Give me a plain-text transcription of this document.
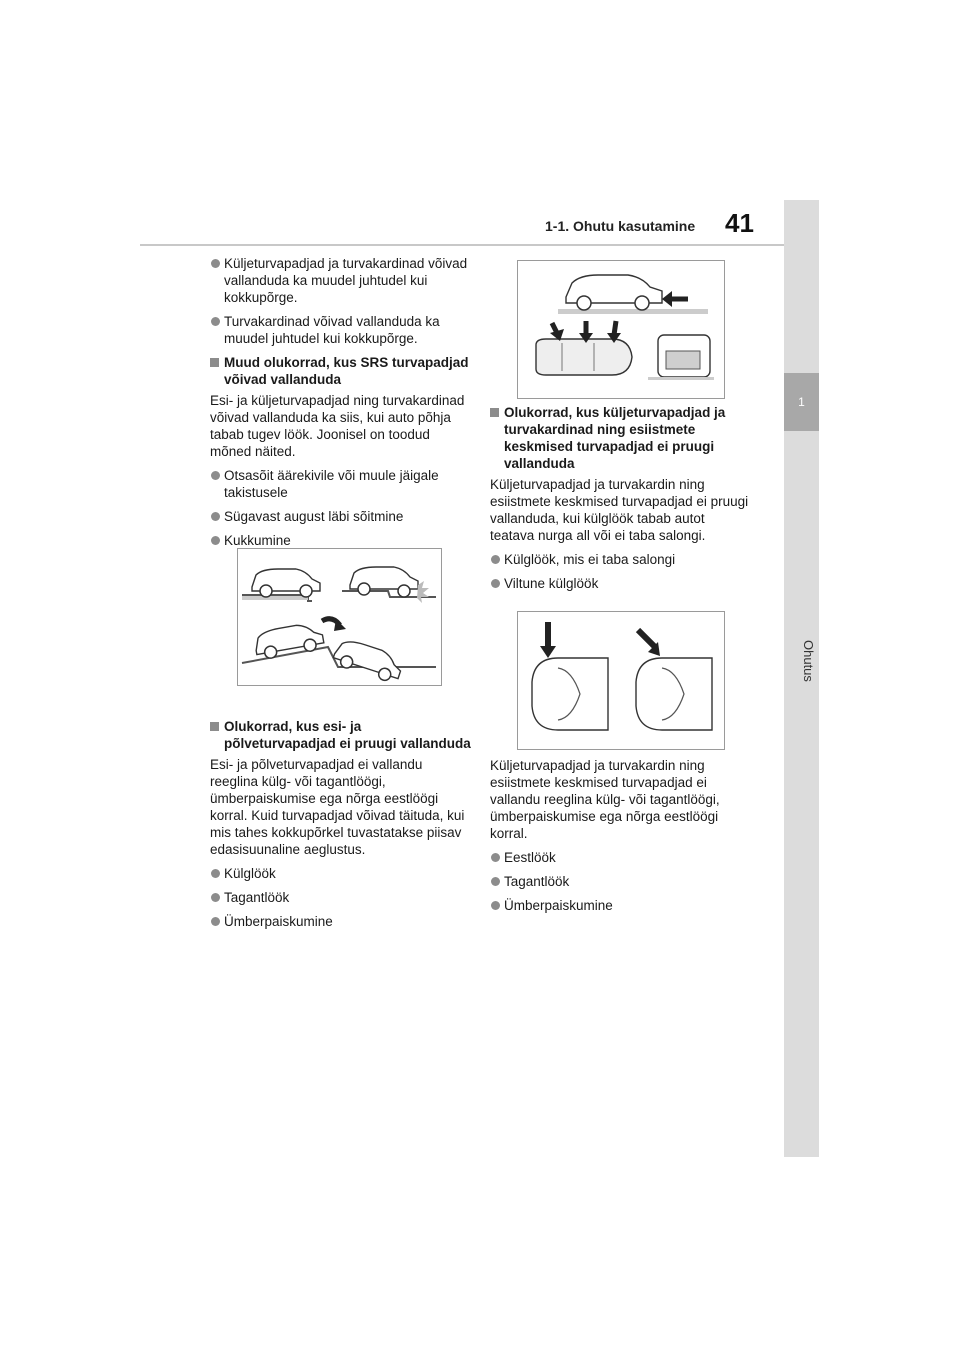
1
Ohutus
1-1. Ohutu kasutamine 41
Küljeturvapadjad ja turvakardinad võivad vallanduda ka muudel juhtudel kui kokkupõrge.
Turvakardinad võivad vallanduda ka muudel juhtudel kui kokkupõrge.
Muud olukorrad, kus SRS turvapadjad võivad vallanduda

Esi- ja küljeturvapadjad ning turvakardinad võivad vallanduda ka siis, kui auto põhja tabab tugev löök. Joonisel on toodud mõned näited.

Otsasõit äärekivile või muule jäigale takistusele
Sügavast august läbi sõitmine
Kukkumine
Olukorrad, kus esi- ja põlveturvapadjad ei pruugi vallanduda

Esi- ja põlveturvapadjad ei vallandu reeglina külg- või tagantlöögi, ümberpaiskumise ega nõrga eestlöögi korral. Kuid turvapadjad võivad täituda, kui mis tahes kokkupõrkel tuvastatakse piisav edasisuunaline aeglustus.

Külglöök
Tagantlöök
Ümberpaiskumine
Olukorrad, kus küljeturvapadjad ja turvakardinad ning esiistmete keskmised turvapadjad ei pruugi vallanduda

Küljeturvapadjad ja turvakardin ning esiistmete keskmised turvapadjad ei pruugi vallanduda, kui külglöök tabab autot teatava nurga all või ei taba salongi.

Külglöök, mis ei taba salongi
Viltune külglöök

Küljeturvapadjad ja turvakardin ning esiistmete keskmised turvapadjad ei vallandu reeglina külg- või tagantlöögi, ümberpaiskumise ega nõrga eestlöögi korral.

Eestlöök
Tagantlöök
Ümberpaiskumine
